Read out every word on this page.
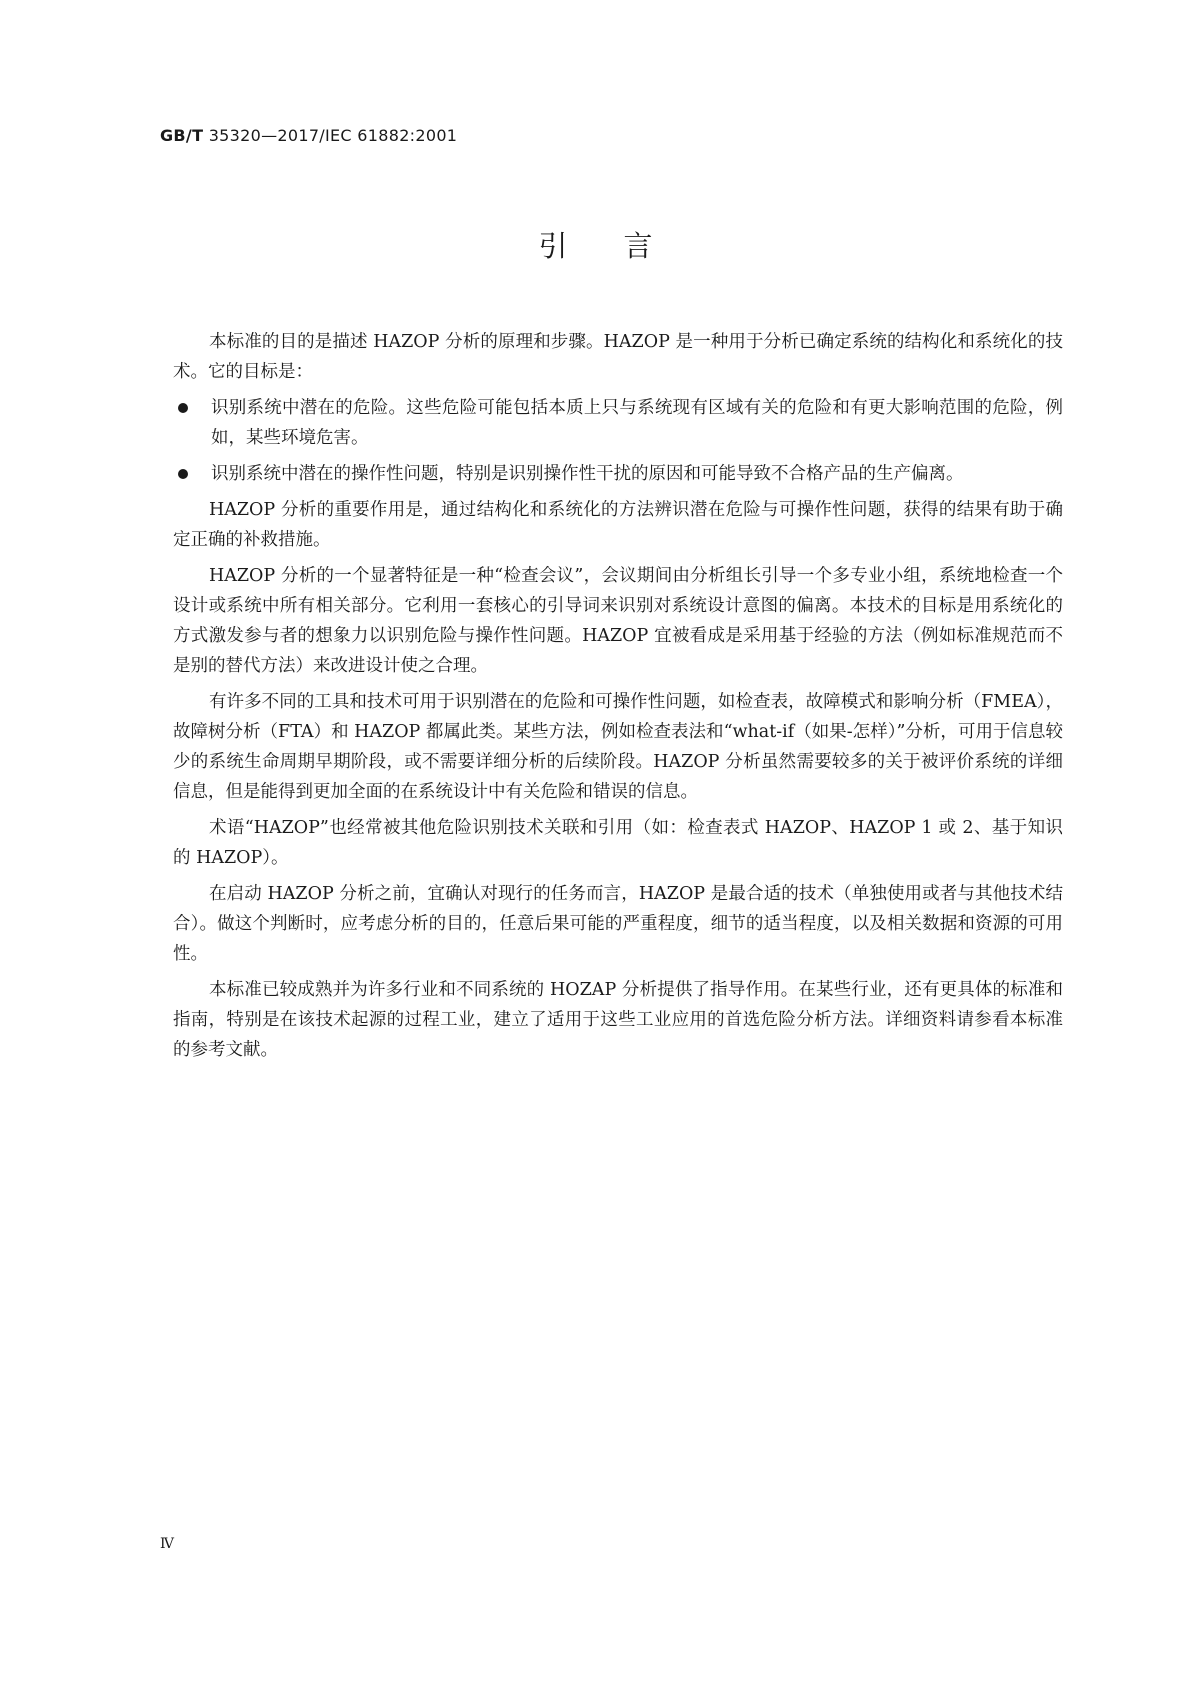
GB/T 35320—2017/IEC 61882:2001
引言

本标准的目的是描述 HAZOP 分析的原理和步骤。HAZOP 是一种用于分析已确定系统的结构化和系统化的技术。它的目标是：

识别系统中潜在的危险。这些危险可能包括本质上只与系统现有区域有关的危险和有更大影响范围的危险，例如，某些环境危害。
识别系统中潜在的操作性问题，特别是识别操作性干扰的原因和可能导致不合格产品的生产偏离。

HAZOP 分析的重要作用是，通过结构化和系统化的方法辨识潜在危险与可操作性问题，获得的结果有助于确定正确的补救措施。

HAZOP 分析的一个显著特征是一种“检查会议”，会议期间由分析组长引导一个多专业小组，系统地检查一个设计或系统中所有相关部分。它利用一套核心的引导词来识别对系统设计意图的偏离。本技术的目标是用系统化的方式激发参与者的想象力以识别危险与操作性问题。HAZOP 宜被看成是采用基于经验的方法（例如标准规范而不是别的替代方法）来改进设计使之合理。

有许多不同的工具和技术可用于识别潜在的危险和可操作性问题，如检查表，故障模式和影响分析（FMEA），故障树分析（FTA）和 HAZOP 都属此类。某些方法，例如检查表法和“what-if（如果-怎样）”分析，可用于信息较少的系统生命周期早期阶段，或不需要详细分析的后续阶段。HAZOP 分析虽然需要较多的关于被评价系统的详细信息，但是能得到更加全面的在系统设计中有关危险和错误的信息。

术语“HAZOP”也经常被其他危险识别技术关联和引用（如：检查表式 HAZOP、HAZOP 1 或 2、基于知识的 HAZOP）。

在启动 HAZOP 分析之前，宜确认对现行的任务而言，HAZOP 是最合适的技术（单独使用或者与其他技术结合）。做这个判断时，应考虑分析的目的，任意后果可能的严重程度，细节的适当程度，以及相关数据和资源的可用性。

本标准已较成熟并为许多行业和不同系统的 HOZAP 分析提供了指导作用。在某些行业，还有更具体的标准和指南，特别是在该技术起源的过程工业，建立了适用于这些工业应用的首选危险分析方法。详细资料请参看本标准的参考文献。

Ⅳ
